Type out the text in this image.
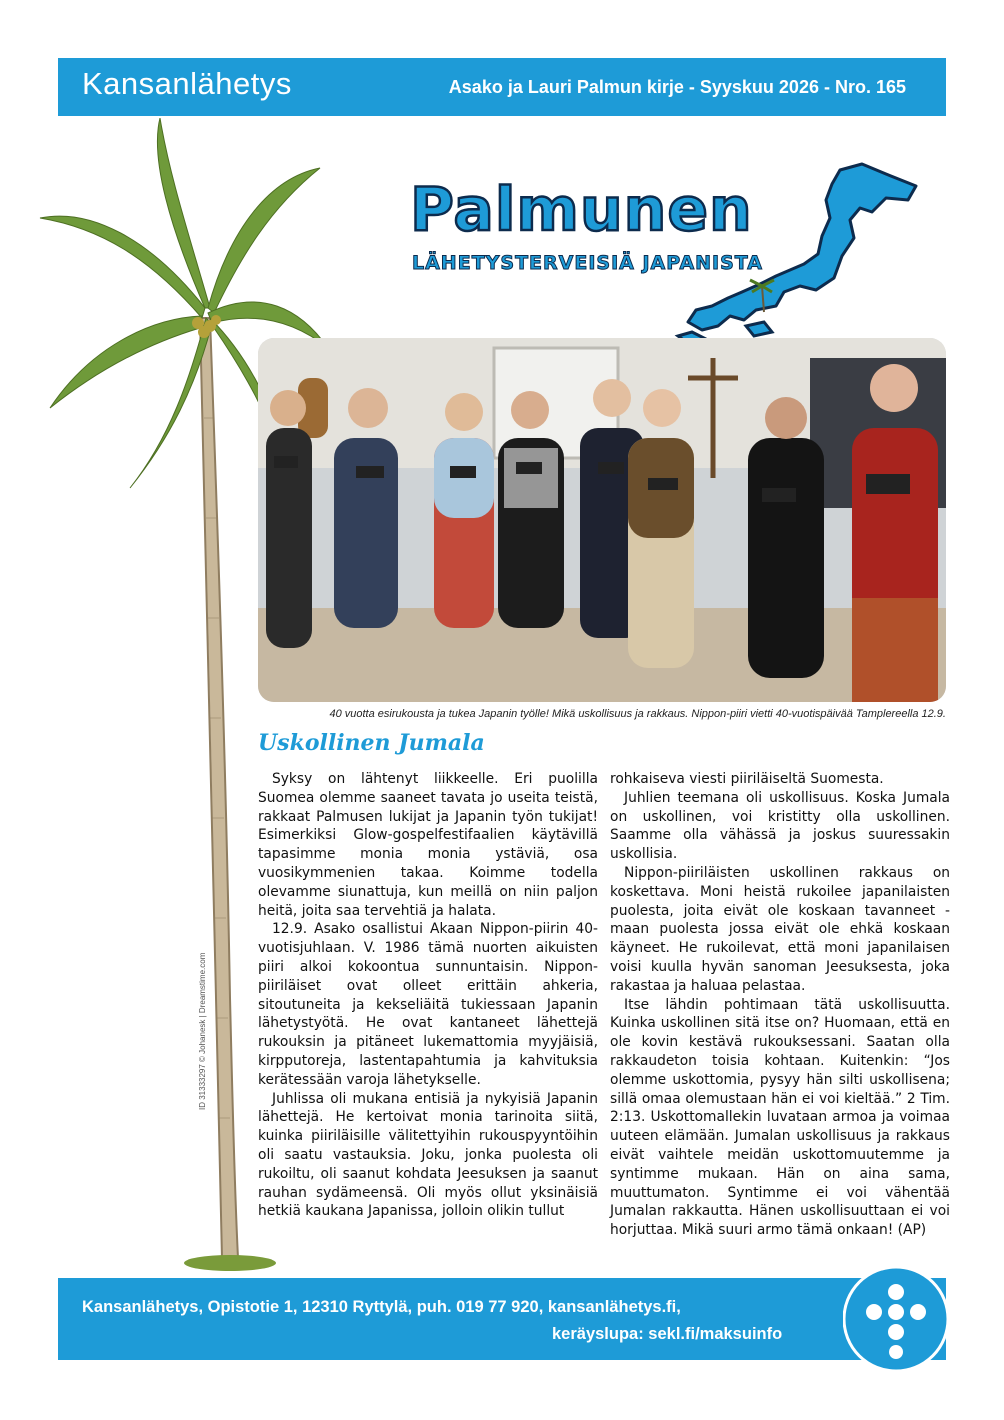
Kansanlähetys	Asako ja Lauri Palmun kirje - Syyskuu 2026 - Nro. 165
ID 31333297 © Johanesk | Dreamstime.com
Palmunen
LÄHETYSTERVEISIÄ JAPANISTA
40 vuotta esirukousta ja tukea Japanin työlle! Mikä uskollisuus ja rakkaus. Nippon-piiri vietti 40-vuotispäivää Tamplereella 12.9.
Uskollinen Jumala

Syksy on lähtenyt liikkeelle. Eri puolilla Suomea olemme saaneet tavata jo useita teistä, rakkaat Palmusen lukijat ja Japanin työn tukijat! Esimerkiksi Glow-gospelfestifaalien käytävillä tapasimme monia monia ystäviä, osa vuosikymmenien takaa. Koimme todella olevamme siunattuja, kun meillä on niin paljon heitä, joita saa tervehtiä ja halata.

12.9. Asako osallistui Akaan Nippon-piirin 40-vuotisjuhlaan. V. 1986 tämä nuorten aikuisten piiri alkoi kokoontua sunnuntaisin. Nippon-piiriläiset ovat olleet erittäin ahkeria, sitoutuneita ja kekseliäitä tukiessaan Japanin lähetystyötä. He ovat kantaneet lähettejä rukouksin ja pitäneet lukemattomia myyjäisiä, kirpputoreja, lastentapahtumia ja kahvituksia kerätessään varoja lähetykselle.

Juhlissa oli mukana entisiä ja nykyisiä Japanin lähettejä. He kertoivat monia tarinoita siitä, kuinka piiriläisille välitettyihin rukouspyyntöihin oli saatu vastauksia. Joku, jonka puolesta oli rukoiltu, oli saanut kohdata Jeesuksen ja saanut rauhan sydämeensä. Oli myös ollut yksinäisiä hetkiä kaukana Japanissa, jolloin olikin tullut

rohkaiseva viesti piiriläiseltä Suomesta.

Juhlien teemana oli uskollisuus. Koska Jumala on uskollinen, voi kristitty olla uskollinen. Saamme olla vähässä ja joskus suuressakin uskollisia.

Nippon-piiriläisten uskollinen rakkaus on koskettava. Moni heistä rukoilee japanilaisten puolesta, joita eivät ole koskaan tavanneet - maan puolesta jossa eivät ole ehkä koskaan käyneet. He rukoilevat, että moni japanilaisen voisi kuulla hyvän sanoman Jeesuksesta, joka rakastaa ja haluaa pelastaa.

Itse lähdin pohtimaan tätä uskollisuutta. Kuinka uskollinen sitä itse on? Huomaan, että en ole kovin kestävä rukouksessani. Saatan olla rakkaudeton toisia kohtaan. Kuitenkin: “Jos olemme uskottomia, pysyy hän silti uskollisena; sillä omaa olemustaan hän ei voi kieltää.” 2 Tim. 2:13. Uskottomallekin luvataan armoa ja voimaa uuteen elämään. Jumalan uskollisuus ja rakkaus eivät vaihtele meidän uskottomuutemme ja syntimme mukaan. Hän on aina sama, muuttumaton. Syntimme ei voi vähentää Jumalan rakkautta. Hänen uskollisuuttaan ei voi horjuttaa. Mikä suuri armo tämä onkaan! (AP)

Kansanlähetys, Opistotie 1, 12310 Ryttylä, puh. 019 77 920, kansanlähetys.fi,
keräyslupa: sekl.fi/maksuinfo
